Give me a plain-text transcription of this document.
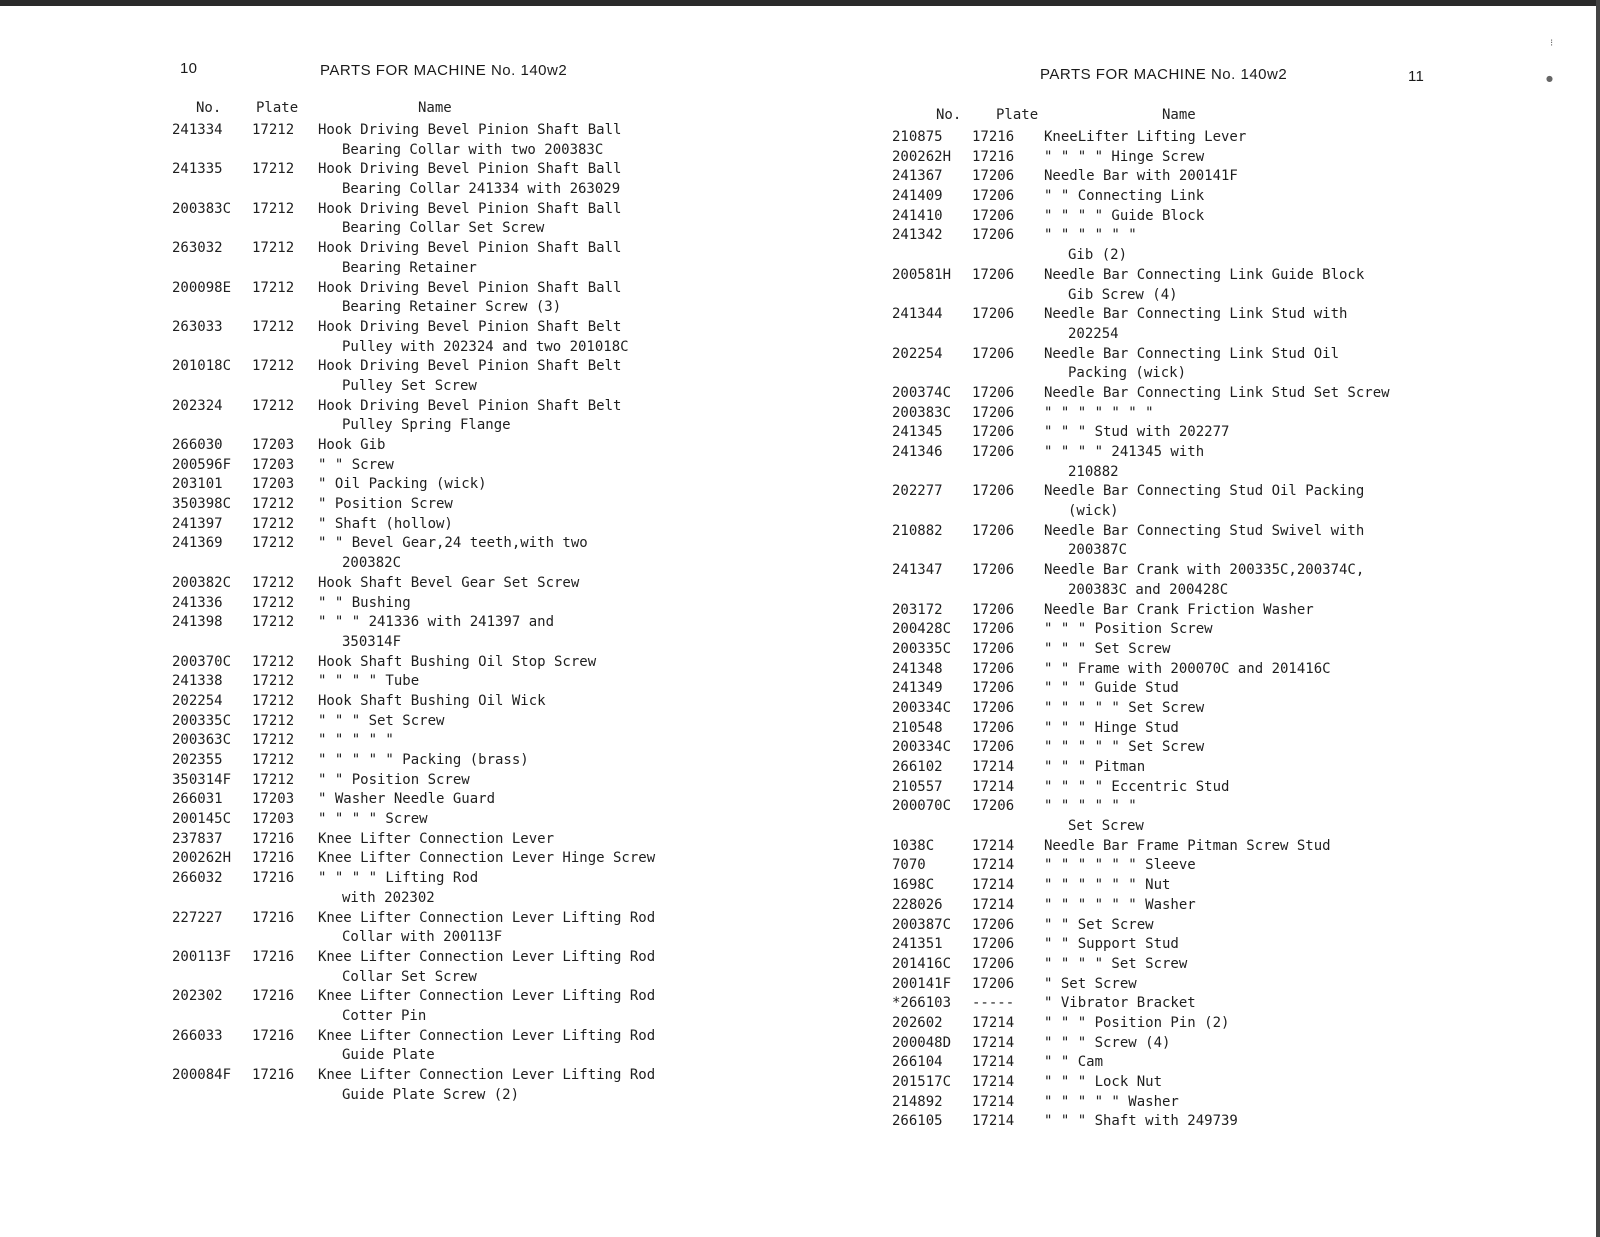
10	PARTS FOR MACHINE No. 140w2
No. Plate	Name
241334 17212 Hook Driving Bevel Pinion Shaft Ball
Bearing Collar with two 200383C
241335 17212 Hook Driving Bevel Pinion Shaft Ball
Bearing Collar 241334 with 263029
200383C 17212 Hook Driving Bevel Pinion Shaft Ball
Bearing Collar Set Screw
263032 17212 Hook Driving Bevel Pinion Shaft Ball
Bearing Retainer
200098E 17212 Hook Driving Bevel Pinion Shaft Ball
Bearing Retainer Screw (3)
263033 17212 Hook Driving Bevel Pinion Shaft Belt
Pulley with 202324 and two 201018C
201018C 17212 Hook Driving Bevel Pinion Shaft Belt
Pulley Set Screw
202324 17212 Hook Driving Bevel Pinion Shaft Belt
Pulley Spring Flange
266030 17203 Hook Gib
200596F 17203 " " Screw
203101 17203 " Oil Packing (wick)
350398C 17212 " Position Screw
241397 17212 " Shaft (hollow)
241369 17212 " " Bevel Gear,24 teeth,with two
200382C
200382C 17212 Hook Shaft Bevel Gear Set Screw
241336 17212 " " Bushing
241398 17212 " " " 241336 with 241397 and
350314F
200370C 17212 Hook Shaft Bushing Oil Stop Screw
241338 17212 " " " " Tube
202254 17212 Hook Shaft Bushing Oil Wick
200335C 17212 " " " Set Screw
200363C 17212 " " " " "
202355 17212 " " " " " Packing (brass)
350314F 17212 " " Position Screw
266031 17203 " Washer Needle Guard
200145C 17203 " " " " Screw
237837 17216 Knee Lifter Connection Lever
200262H 17216 Knee Lifter Connection Lever Hinge Screw
266032 17216 " " " " Lifting Rod
with 202302
227227 17216 Knee Lifter Connection Lever Lifting Rod
Collar with 200113F
200113F 17216 Knee Lifter Connection Lever Lifting Rod
Collar Set Screw
202302 17216 Knee Lifter Connection Lever Lifting Rod
Cotter Pin
266033 17216 Knee Lifter Connection Lever Lifting Rod
Guide Plate
200084F 17216 Knee Lifter Connection Lever Lifting Rod
Guide Plate Screw (2)
PARTS FOR MACHINE No. 140w2	11
No. Plate	Name
210875 17216 KneeLifter Lifting Lever
200262H 17216 " " " " Hinge Screw
241367 17206 Needle Bar with 200141F
241409 17206 " " Connecting Link
241410 17206 " " " " Guide Block
241342 17206 " " " " " "
Gib (2)
200581H 17206 Needle Bar Connecting Link Guide Block
Gib Screw (4)
241344 17206 Needle Bar Connecting Link Stud with
202254
202254 17206 Needle Bar Connecting Link Stud Oil
Packing (wick)
200374C 17206 Needle Bar Connecting Link Stud Set Screw
200383C 17206 " " " " " " "
241345 17206 " " " Stud with 202277
241346 17206 " " " " 241345 with
210882
202277 17206 Needle Bar Connecting Stud Oil Packing
(wick)
210882 17206 Needle Bar Connecting Stud Swivel with
200387C
241347 17206 Needle Bar Crank with 200335C,200374C,
200383C and 200428C
203172 17206 Needle Bar Crank Friction Washer
200428C 17206 " " " Position Screw
200335C 17206 " " " Set Screw
241348 17206 " " Frame with 200070C and 201416C
241349 17206 " " " Guide Stud
200334C 17206 " " " " " Set Screw
210548 17206 " " " Hinge Stud
200334C 17206 " " " " " Set Screw
266102 17214 " " " Pitman
210557 17214 " " " " Eccentric Stud
200070C 17206 " " " " " "
Set Screw
1038C	17214 Needle Bar Frame Pitman Screw Stud
7070	17214 " " " " " " Sleeve
1698C	17214 " " " " " " Nut
228026 17214 " " " " " " Washer
200387C 17206 " " Set Screw
241351 17206 " " Support Stud
201416C 17206 " " " " Set Screw
200141F 17206 " Set Screw
*266103 ----- " Vibrator Bracket
202602 17214 " " " Position Pin (2)
200048D 17214 " " " Screw (4)
266104 17214 " " Cam
201517C 17214 " " " Lock Nut
214892 17214 " " " " " Washer
266105 17214 " " " Shaft with 249739
⁝
●
